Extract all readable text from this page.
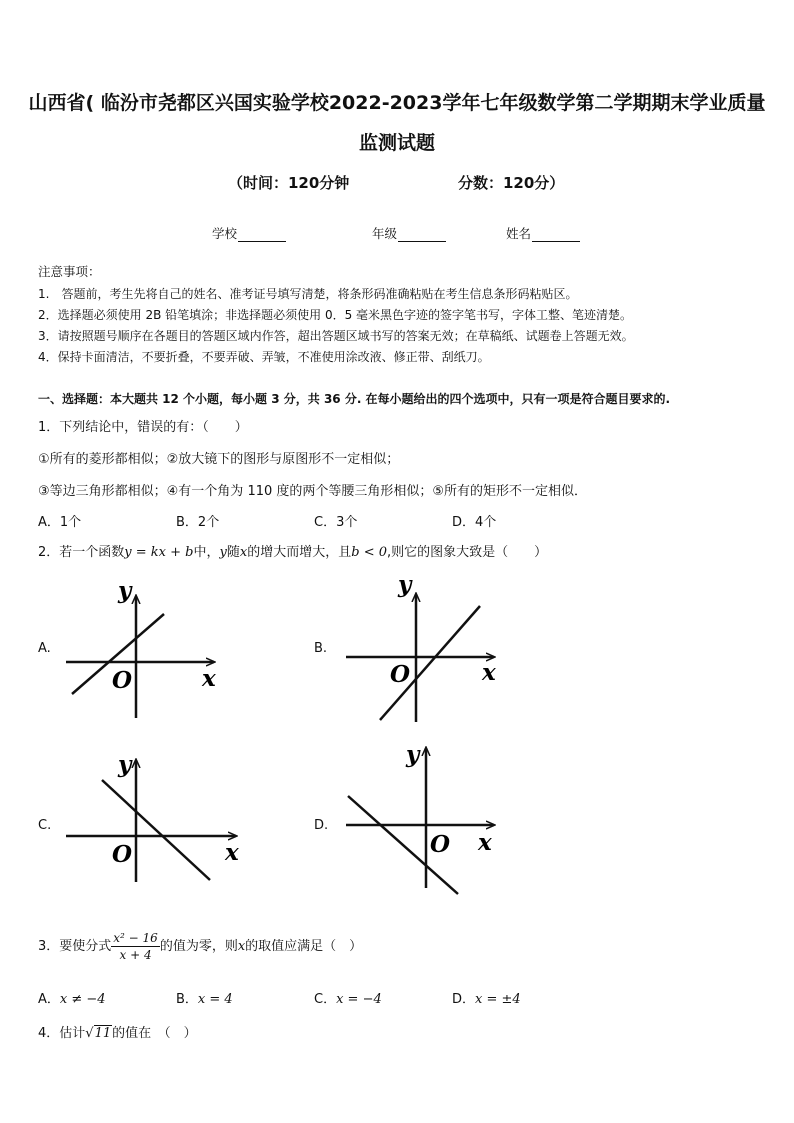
山西省( 临汾市尧都区兴国实验学校2022-2023学年七年级数学第二学期期末学业质量
监测试题
（时间：120分钟	分数：120分）
学校	年级	姓名
注意事项：
1.　答题前，考生先将自己的姓名、准考证号填写清楚，将条形码准确粘贴在考生信息条形码粘贴区。
2．选择题必须使用 2B 铅笔填涂；非选择题必须使用 0．5 毫米黑色字迹的签字笔书写，字体工整、笔迹清楚。
3．请按照题号顺序在各题目的答题区域内作答，超出答题区域书写的答案无效；在草稿纸、试题卷上答题无效。
4．保持卡面清洁，不要折叠，不要弄破、弄皱，不准使用涂改液、修正带、刮纸刀。
一、选择题：本大题共 12 个小题，每小题 3 分，共 36 分. 在每小题给出的四个选项中，只有一项是符合题目要求的.
1．下列结论中，错误的有：（　　）
①所有的菱形都相似；②放大镜下的图形与原图形不一定相似；
③等边三角形都相似；④有一个角为 110 度的两个等腰三角形相似；⑤所有的矩形不一定相似．
A．1个	B．2个	C．3个	D．4个
2．若一个函数y = kx + b中，y随x的增大而增大，且b < 0,则它的图象大致是（　　）
A.	B.
C.	D.
y
O	x
y
O	x
y
O	x
y
O x
3．要使分式 $\frac{\text{x² − 16}}{x + 4}$ 的值为零，则x的取值应满足（　）
A．x ≠ −4	B．x = 4	C．x = −4	D．x = ±4
4．估计√11的值在　（　）
